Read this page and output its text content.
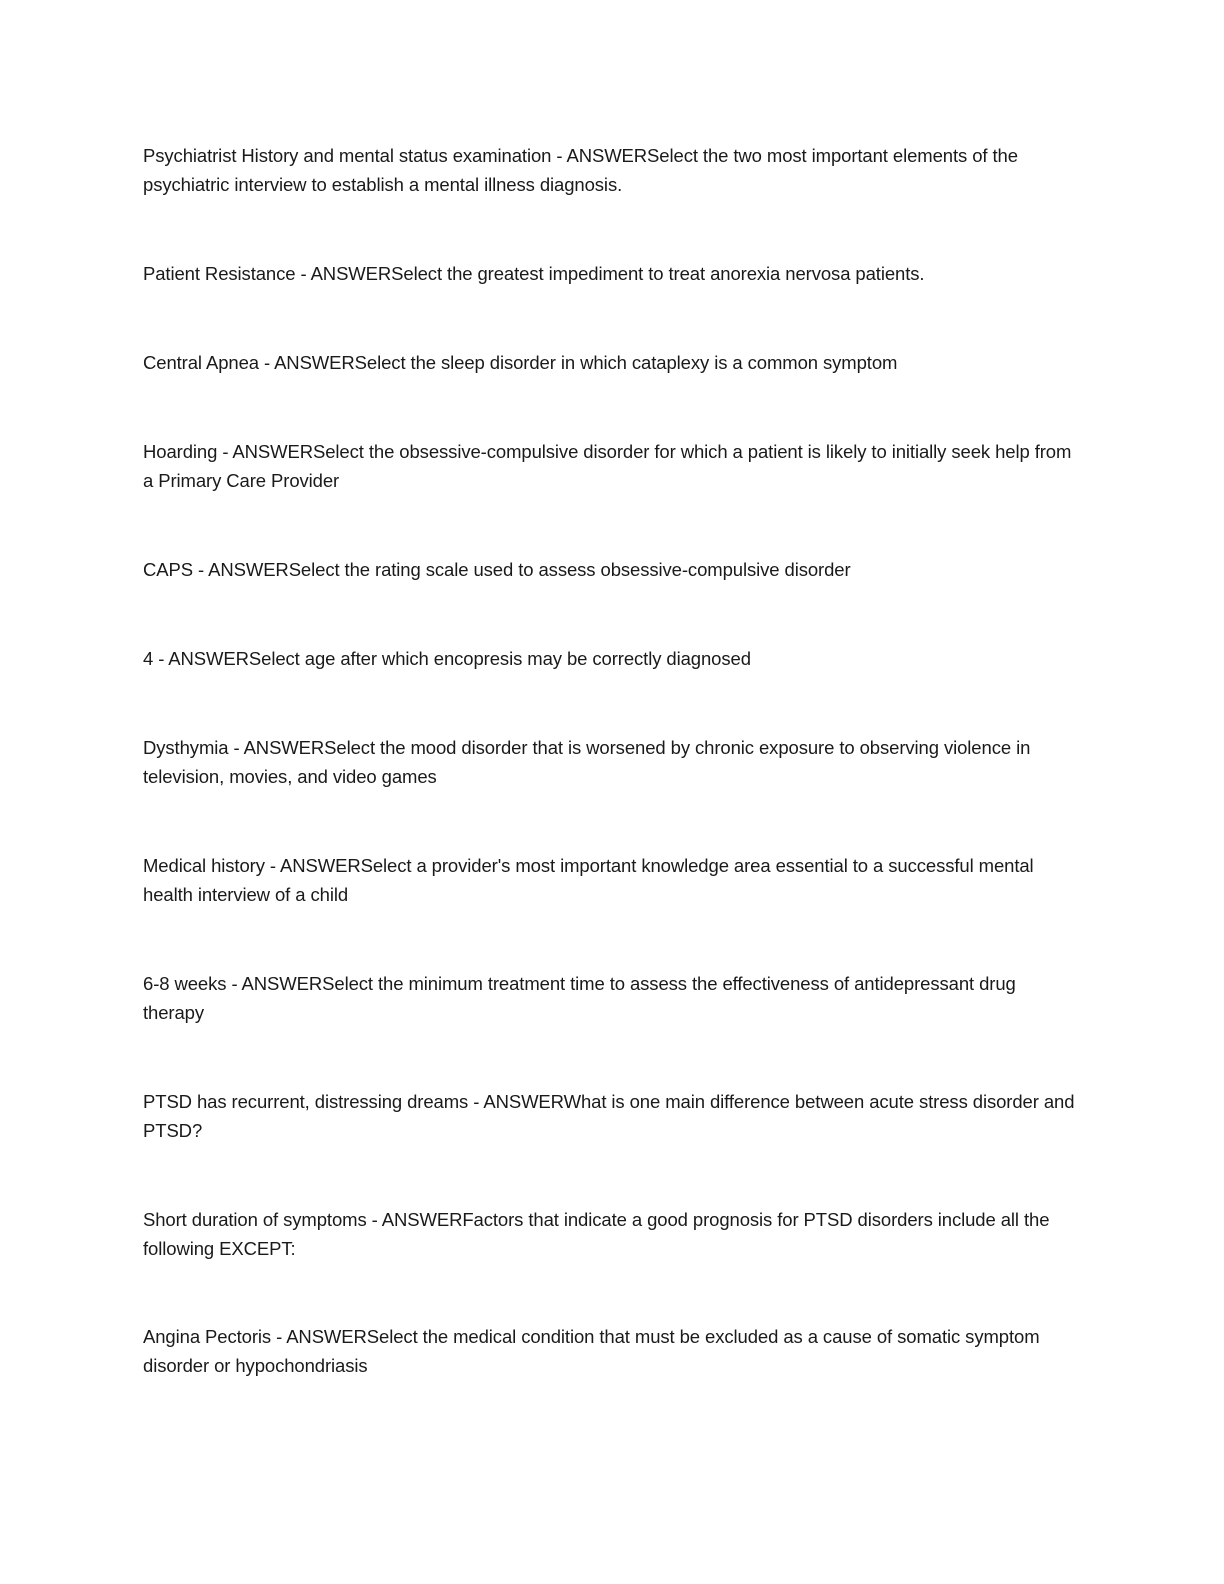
Psychiatrist History and mental status examination - ANSWERSelect the two most important elements of the psychiatric interview to establish a mental illness diagnosis.

Patient Resistance - ANSWERSelect the greatest impediment to treat anorexia nervosa patients.

Central Apnea - ANSWERSelect the sleep disorder in which cataplexy is a common symptom

Hoarding - ANSWERSelect the obsessive-compulsive disorder for which a patient is likely to initially seek help from a Primary Care Provider

CAPS - ANSWERSelect the rating scale used to assess obsessive-compulsive disorder

4 - ANSWERSelect age after which encopresis may be correctly diagnosed

Dysthymia - ANSWERSelect the mood disorder that is worsened by chronic exposure to observing violence in television, movies, and video games

Medical history - ANSWERSelect a provider's most important knowledge area essential to a successful mental health interview of a child

6-8 weeks - ANSWERSelect the minimum treatment time to assess the effectiveness of antidepressant drug therapy

PTSD has recurrent, distressing dreams - ANSWERWhat is one main difference between acute stress disorder and PTSD?

Short duration of symptoms - ANSWERFactors that indicate a good prognosis for PTSD disorders include all the following EXCEPT:

Angina Pectoris - ANSWERSelect the medical condition that must be excluded as a cause of somatic symptom disorder or hypochondriasis
